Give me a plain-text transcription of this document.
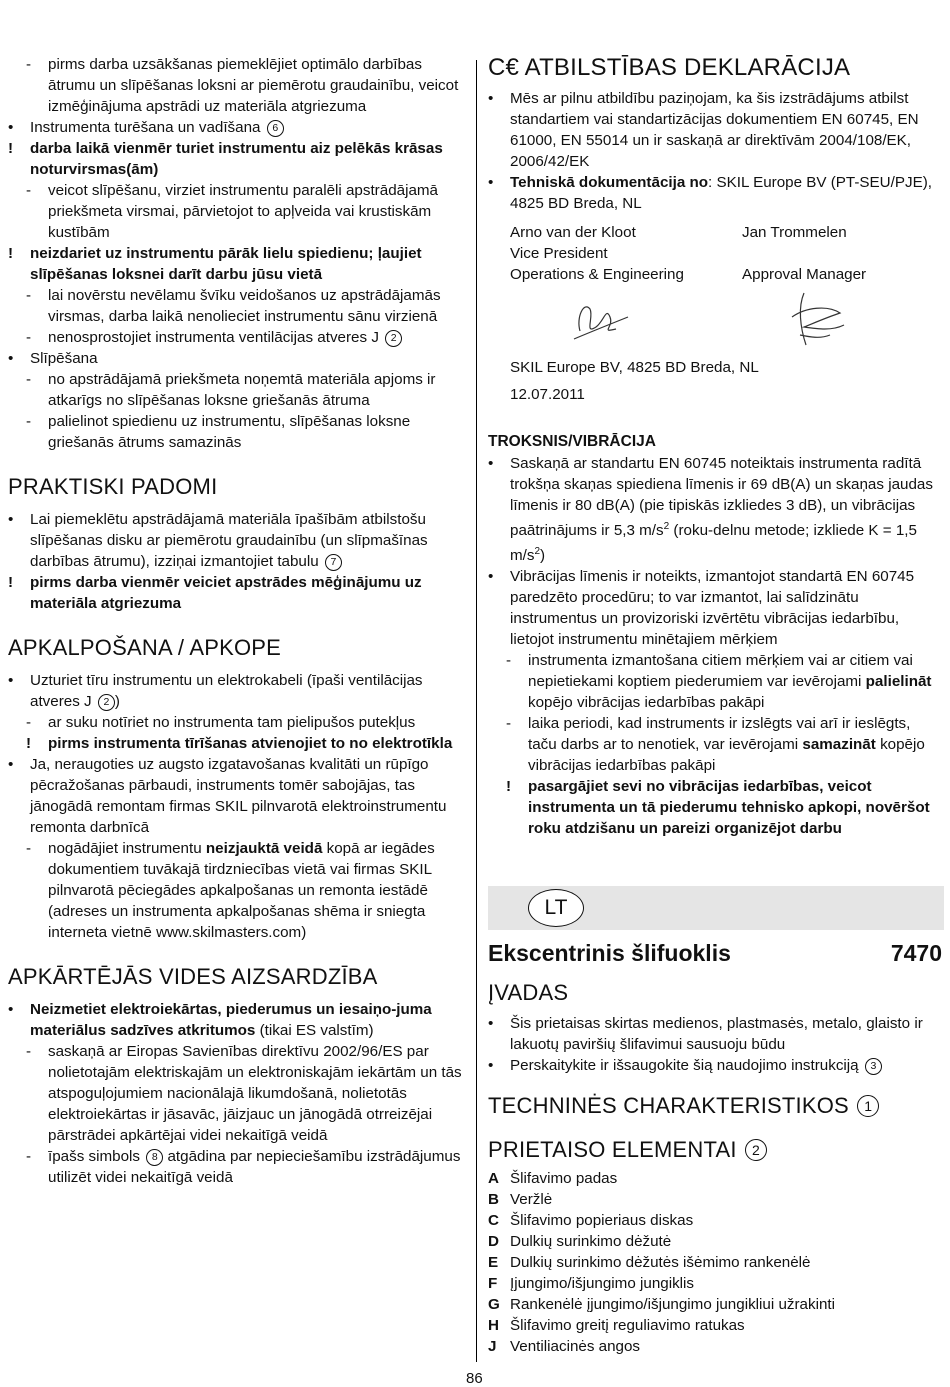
-	pirms darba uzsākšanas piemeklējiet optimālo darbības ātrumu un slīpēšanas loksni ar piemērotu graudainību, veicot izmēģinājuma apstrādi uz materiāla atgriezuma
•	Instrumenta turēšana un vadīšana 6
!	darba laikā vienmēr turiet instrumentu aiz pelēkās krāsas noturvirsmas(ām)
-	veicot slīpēšanu, virziet instrumentu paralēli apstrādājamā priekšmeta virsmai, pārvietojot to apļveida vai krustiskām kustībām
!	neizdariet uz instrumentu pārāk lielu spiedienu; ļaujiet slīpēšanas loksnei darīt darbu jūsu vietā
-	lai novērstu nevēlamu švīku veidošanos uz apstrādājamās virsmas, darba laikā nenolieciet instrumentu sānu virzienā
-	nenosprostojiet instrumenta ventilācijas atveres J 2
•	Slīpēšana
-	no apstrādājamā priekšmeta noņemtā materiāla apjoms ir atkarīgs no slīpēšanas loksne griešanās ātruma
-	palielinot spiedienu uz instrumentu, slīpēšanas loksne griešanās ātrums samazinās
PRAKTISKI PADOMI
•	Lai piemeklētu apstrādājamā materiāla īpašībām atbilstošu slīpēšanas disku ar piemērotu graudainību (un slīpmašīnas darbības ātrumu), izziņai izmantojiet tabulu 7
!	pirms darba vienmēr veiciet apstrādes mēģinājumu uz materiāla atgriezuma
APKALPOŠANA / APKOPE
•	Uzturiet tīru instrumentu un elektrokabeli (īpaši ventilācijas atveres J 2 )
-	ar suku notīriet no instrumenta tam pielipušos putekļus
!	pirms instrumenta tīrīšanas atvienojiet to no elektrotīkla
•	Ja, neraugoties uz augsto izgatavošanas kvalitāti un rūpīgo pēcražošanas pārbaudi, instruments tomēr sabojājas, tas jānogādā remontam firmas SKIL pilnvarotā elektroinstrumentu remonta darbnīcā
-	nogādājiet instrumentu neizjauktā veidā kopā ar iegādes dokumentiem tuvākajā tirdzniecības vietā vai firmas SKIL pilnvarotā pēciegādes apkalpošanas un remonta iestādē (adreses un instrumenta apkalpošanas shēma ir sniegta interneta vietnē www.skilmasters.com)
APKĀRTĒJĀS VIDES AIZSARDZĪBA
•	Neizmetiet elektroiekārtas, piederumus un iesaiņo-juma materiālus sadzīves atkritumos (tikai ES valstīm)
-	saskaņā ar Eiropas Savienības direktīvu 2002/96/ES par nolietotajām elektriskajām un elektroniskajām iekārtām un tās atspoguļojumiem nacionālajā likumdošanā, nolietotās elektroiekārtas ir jāsavāc, jāizjauc un jānogādā otrreizējai pārstrādei apkārtējai videi nekaitīgā veidā
-	īpašs simbols 8 atgādina par nepieciešamību izstrādājumus utilizēt videi nekaitīgā veidā
C€ ATBILSTĪBAS DEKLARĀCIJA
•	Mēs ar pilnu atbildību paziņojam, ka šis izstrādājums atbilst standartiem vai standartizācijas dokumentiem EN 60745, EN 61000, EN 55014 un ir saskaņā ar direktīvām 2004/108/EK, 2006/42/EK
•	Tehniskā dokumentācija no: SKIL Europe BV (PT-SEU/PJE), 4825 BD Breda, NL
Arno van der Kloot	Jan Trommelen
Vice President
Operations & Engineering	Approval Manager

SKIL Europe BV, 4825 BD Breda, NL

12.07.2011

TROKSNIS/VIBRĀCIJA
•	Saskaņā ar standartu EN 60745 noteiktais instrumenta radītā trokšņa skaņas spiediena līmenis ir 69 dB(A) un skaņas jaudas līmenis ir 80 dB(A) (pie tipiskās izkliedes 3 dB), un vibrācijas paātrinājums ir 5,3 $m/s^2$ (roku-delnu metode; izkliede K = 1,5 $m/s^2$)
•	Vibrācijas līmenis ir noteikts, izmantojot standartā EN 60745 paredzēto procedūru; to var izmantot, lai salīdzinātu instrumentus un provizoriski izvērtētu vibrācijas iedarbību, lietojot instrumentu minētajiem mērķiem
-	instrumenta izmantošana citiem mērķiem vai ar citiem vai nepietiekami koptiem piederumiem var ievērojami palielināt kopējo vibrācijas iedarbības pakāpi
-	laika periodi, kad instruments ir izslēgts vai arī ir ieslēgts, taču darbs ar to nenotiek, var ievērojami samazināt kopējo vibrācijas iedarbības pakāpi
!	pasargājiet sevi no vibrācijas iedarbības, veicot instrumenta un tā piederumu tehnisko apkopi, novēršot roku atdzišanu un pareizi organizējot darbu
LT
Ekscentrinis šlifuoklis	7470
ĮVADAS
•	Šis prietaisas skirtas medienos, plastmasės, metalo, glaisto ir lakuotų paviršių šlifavimui sausuoju būdu
•	Perskaitykite ir išsaugokite šią naudojimo instrukciją 3
TECHNINĖS CHARAKTERISTIKOS 1
PRIETAISO ELEMENTAI 2
A Šlifavimo padas
B Veržlė
C Šlifavimo popieriaus diskas
D Dulkių surinkimo dėžutė
E Dulkių surinkimo dėžutės išėmimo rankenėlė
F Įjungimo/išjungimo jungiklis
G Rankenėlė įjungimo/išjungimo jungikliui užrakinti
H Šlifavimo greitį reguliavimo ratukas
J Ventiliacinės angos
86
